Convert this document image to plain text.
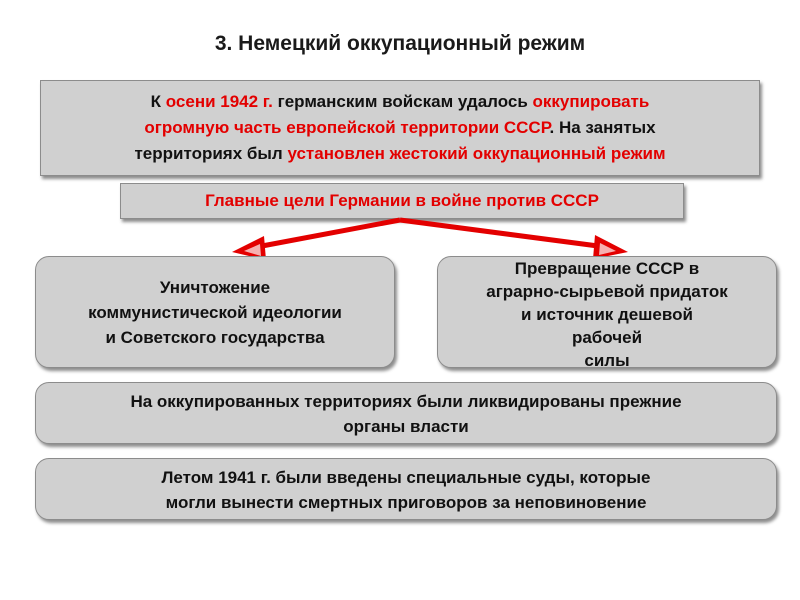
3. Немецкий оккупационный режим
К осени 1942 г. германским войскам удалось оккупировать
огромную часть европейской территории СССР. На занятых
территориях был установлен жестокий оккупационный режим
Главные цели Германии в войне против СССР
Уничтожение
коммунистической идеологии
и Советского государства
Превращение СССР в
аграрно-сырьевой придаток
и источник дешевой
рабочей
силы
На оккупированных территориях были ликвидированы прежние
органы власти
Летом 1941 г. были введены специальные суды, которые
могли вынести смертных приговоров за неповиновение
